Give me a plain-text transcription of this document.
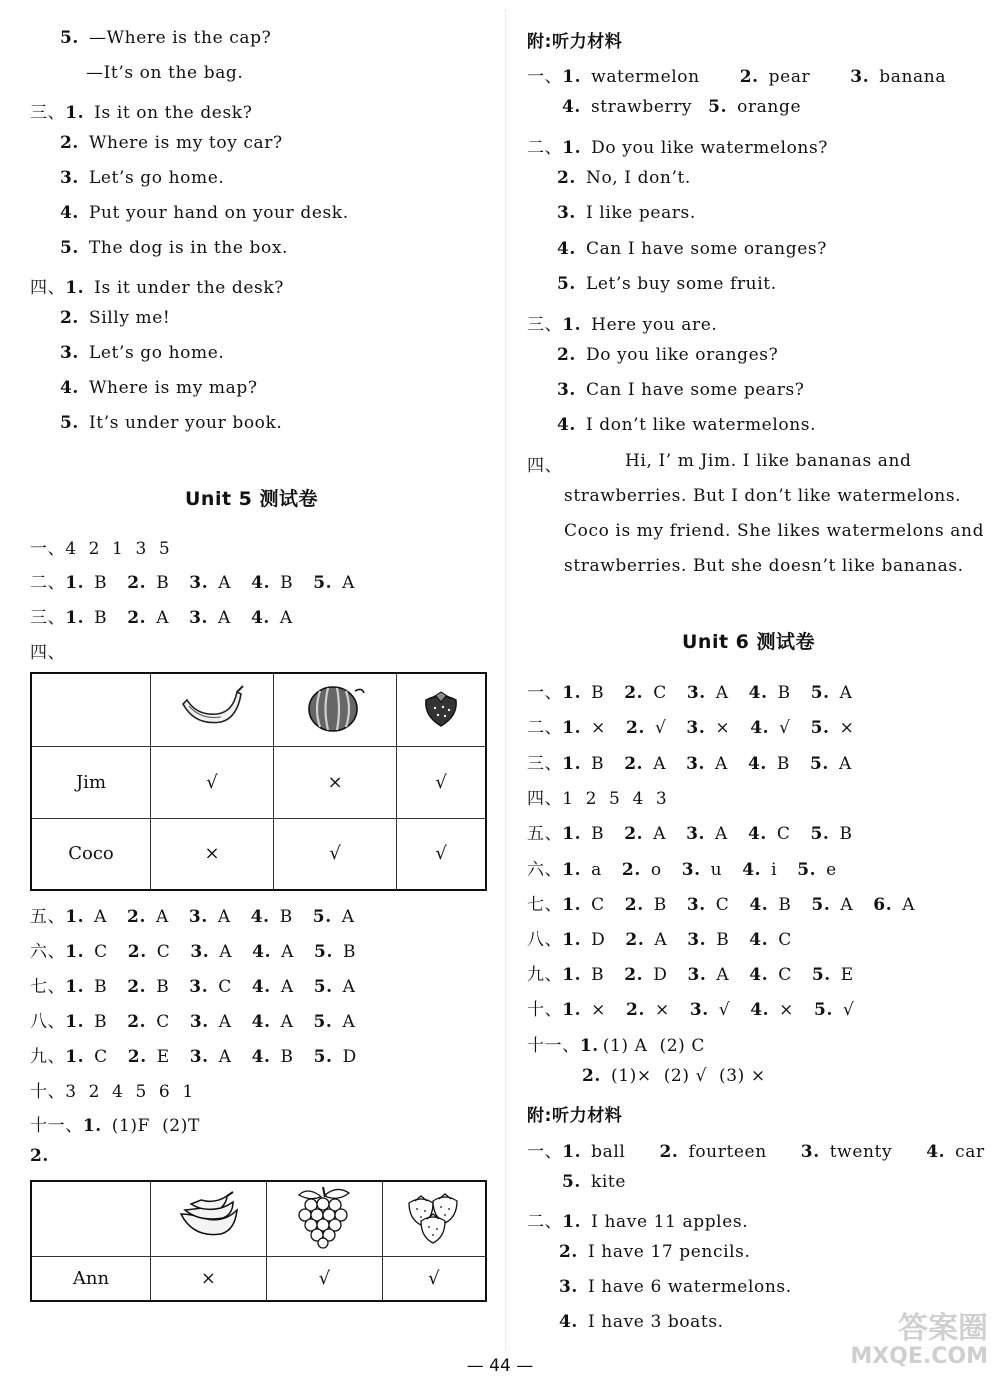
5. —Where is the cap?
—It’s on the bag.
三、1. Is it on the desk?
2. Where is my toy car?
3. Let’s go home.
4. Put your hand on your desk.
5. The dog is in the box.
四、1. Is it under the desk?
2. Silly me!
3. Let’s go home.
4. Where is my map?
5. It’s under your book.
Unit 5 测试卷
一、4  2  1  3  5
二、1. B 2. B 3. A 4. B 5. A
三、1. B 2. A 3. A 4. A
四、

Jim	√	×	√
Coco	×	√	√
五、1. A 2. A 3. A 4. B 5. A
六、1. C 2. C 3. A 4. A 5. B
七、1. B 2. B 3. C 4. A 5. A
八、1. B 2. C 3. A 4. A 5. A
九、1. C 2. E 3. A 4. B 5. D
十、3  2  4  5  6  1
十一、1. (1)F  (2)T
2.

Ann	×	√	√
附:听力材料
一、1. watermelon 2. pear 3. banana
4. strawberry 5. orange
二、1. Do you like watermelons?
2. No, I don’t.
3. I like pears.
4. Can I have some oranges?
5. Let’s buy some fruit.
三、1. Here you are.
2. Do you like oranges?
3. Can I have some pears?
4. I don’t like watermelons.
四、	Hi, I’ m Jim. I like bananas and
strawberries. But I don’t like watermelons.
Coco is my friend. She likes watermelons and
strawberries. But she doesn’t like bananas.
Unit 6 测试卷
一、1. B 2. C 3. A 4. B 5. A
二、1. × 2. √ 3. × 4. √ 5. ×
三、1. B 2. A 3. A 4. B 5. A
四、1  2  5  4  3
五、1. B 2. A 3. A 4. C 5. B
六、1. a 2. o 3. u 4. i 5. e
七、1. C 2. B 3. C 4. B 5. A 6. A
八、1. D 2. A 3. B 4. C
九、1. B 2. D 3. A 4. C 5. E
十、1. × 2. × 3. √ 4. × 5. √
十一、1. (1) A  (2) C
2. (1)×  (2) √  (3) ×
附:听力材料
一、1. ball 2. fourteen 3. twenty 4. car
5. kite
二、1. I have 11 apples.
2. I have 17 pencils.
3. I have 6 watermelons.
4. I have 3 boats.
— 44 —
答案圈
MXQE.COM
